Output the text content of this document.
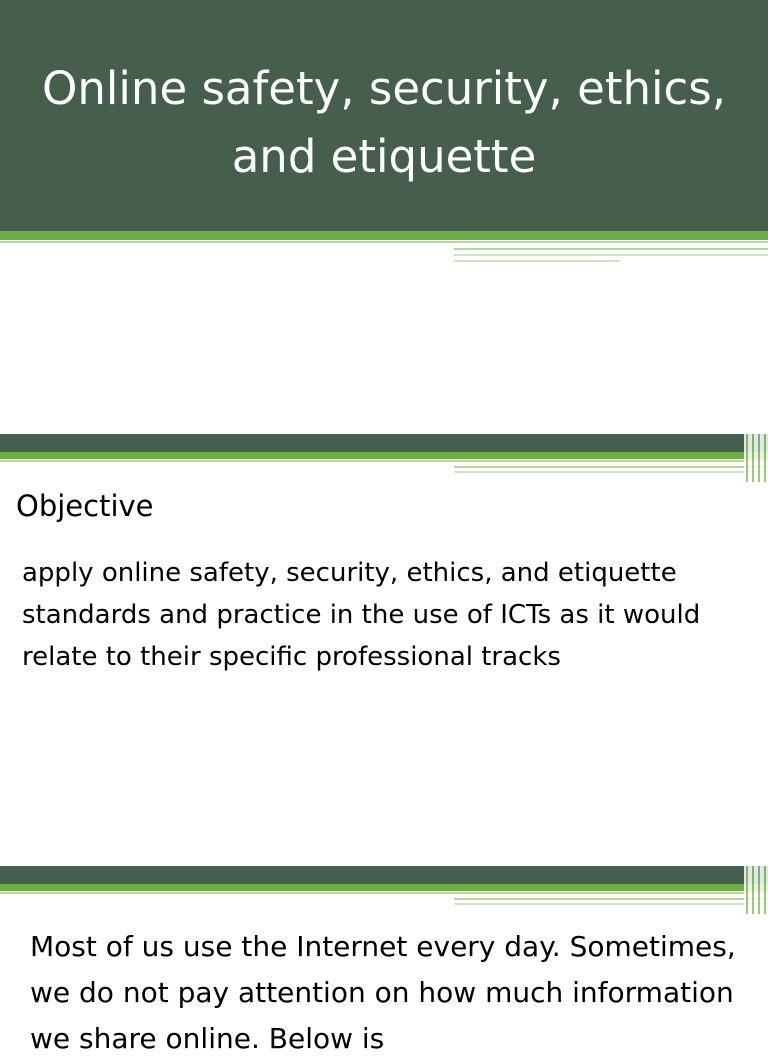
Online safety, security, ethics, and etiquette
Objective
apply online safety, security, ethics, and etiquette standards and practice in the use of ICTs as it would relate to their specific professional tracks
Most of us use the Internet every day. Sometimes, we do not pay attention on how much information we share online. Below is
